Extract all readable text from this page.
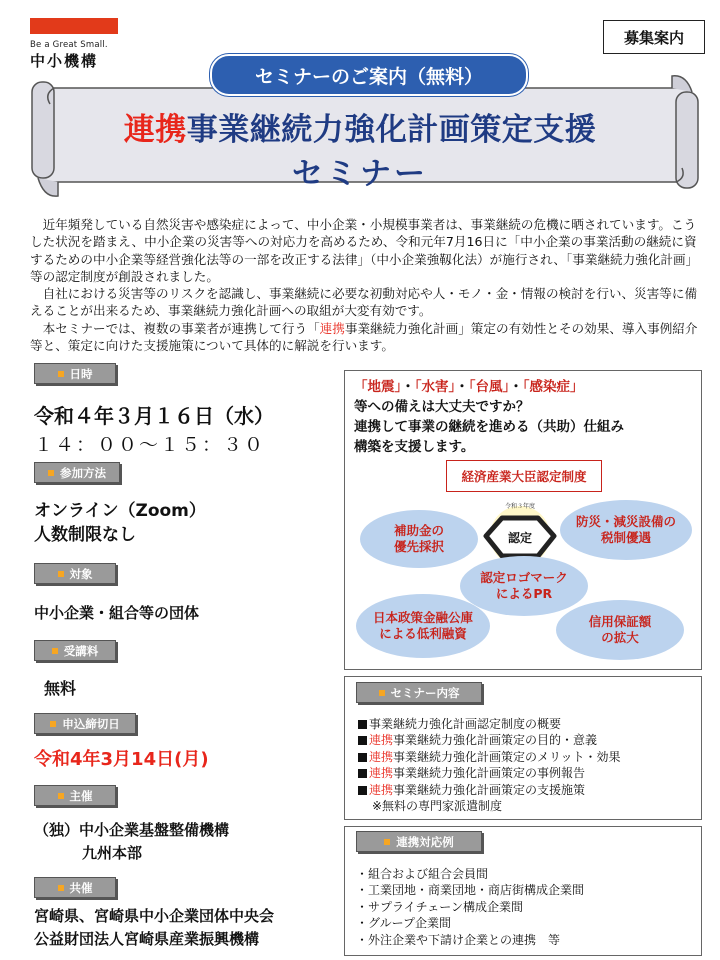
Be a Great Small.
中小機構
募集案内
セミナーのご案内（無料）
連携事業継続力強化計画策定支援
セミナー

近年頻発している自然災害や感染症によって、中小企業・小規模事業者は、事業継続の危機に晒されています。こうした状況を踏まえ、中小企業の災害等への対応力を高めるため、令和元年7月16日に「中小企業の事業活動の継続に資するための中小企業等経営強化法等の一部を改正する法律」（中小企業強靱化法）が施行され、「事業継続力強化計画」等の認定制度が創設されました。

自社における災害等のリスクを認識し、事業継続に必要な初動対応や人・モノ・金・情報の検討を行い、災害等に備えることが出来るため、事業継続力強化計画への取組が大変有効です。

本セミナーでは、複数の事業者が連携して行う「連携事業継続力強化計画」策定の有効性とその効果、導入事例紹介等と、策定に向けた支援施策について具体的に解説を行います。

日時
令和４年３月１６日（水）
１４：００～１５：３０
参加方法
オンライン（Zoom）
人数制限なし
対象
中小企業・組合等の団体
受講料
無料
申込締切日
令和4年3月14日(月)
主催
（独）中小企業基盤整備機構
九州本部
共催
宮崎県、宮崎県中小企業団体中央会
公益財団法人宮崎県産業振興機構
「地震」・「水害」・「台風」・「感染症」
等への備えは大丈夫ですか？
連携して事業の継続を進める（共助）仕組み
構築を支援します。
経済産業大臣認定制度
認定
令和３年度
補助金の
優先採択
防災・減災設備の
税制優遇
認定ロゴマーク
によるPR
日本政策金融公庫
による低利融資
信用保証額
の拡大
セミナー内容
事業継続力強化計画認定制度の概要
連携事業継続力強化計画策定の目的・意義
連携事業継続力強化計画策定のメリット・効果
連携事業継続力強化計画策定の事例報告
連携事業継続力強化計画策定の支援施策
※無料の専門家派遣制度
連携対応例
・組合および組合会員間
・工業団地・商業団地・商店街構成企業間
・サプライチェーン構成企業間
・グループ企業間
・外注企業や下請け企業との連携　等
